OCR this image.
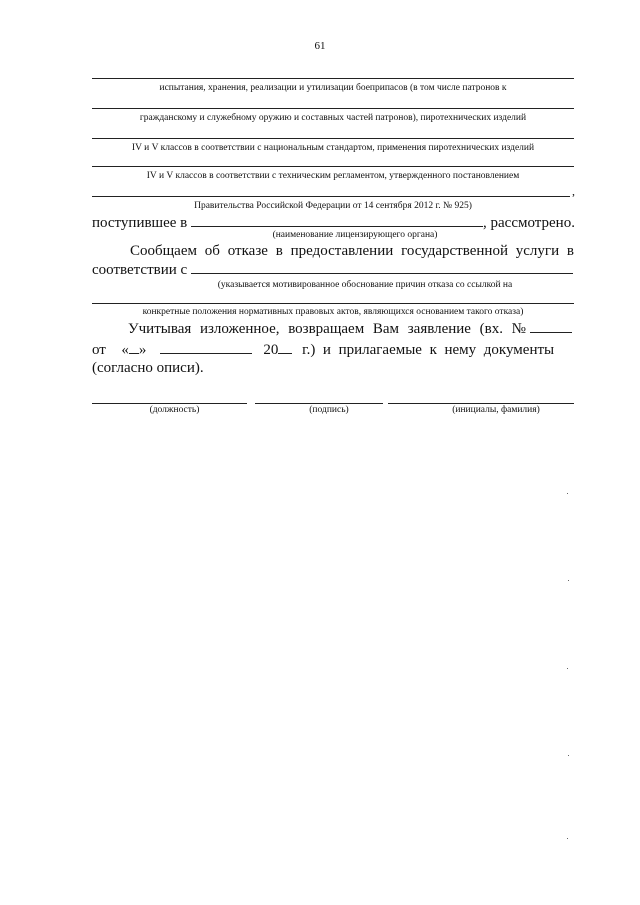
61
испытания, хранения, реализации и утилизации боеприпасов (в том числе патронов к
гражданскому и служебному оружию и составных частей патронов), пиротехнических изделий
IV и V классов в соответствии с национальным стандартом, применения пиротехнических изделий
IV и V классов в соответствии с техническим регламентом, утвержденного постановлением
,
Правительства Российской Федерации от 14 сентября 2012 г. № 925)
поступившее в	, рассмотрено.
(наименование лицензирующего органа)
Сообщаем об отказе в предоставлении государственной услуги в
соответствии с
(указывается мотивированное обоснование причин отказа со ссылкой на
конкретные положения нормативных правовых актов, являющихся основанием такого отказа)
Учитывая изложенное, возвращаем Вам заявление (вх. №
от « »	20 г.) и прилагаемые к нему документы
(согласно описи).
(должность)	(подпись)	(инициалы, фамилия)
